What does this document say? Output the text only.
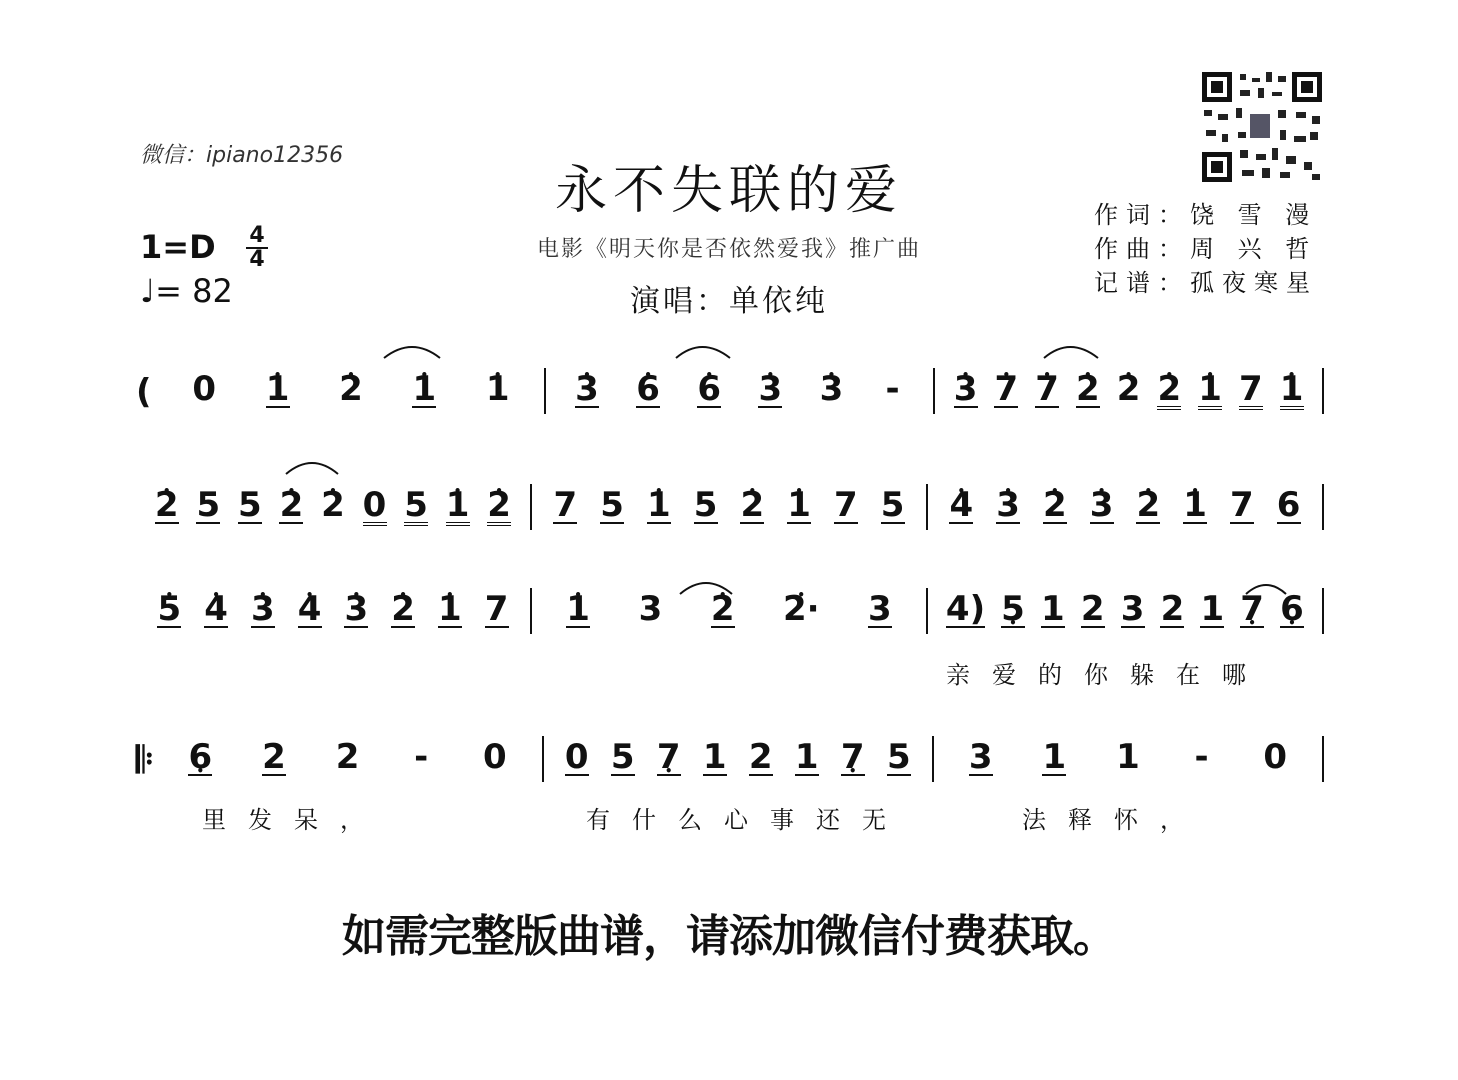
微信：ipiano12356
永不失联的爱
电影《明天你是否依然爱我》推广曲
演唱：单依纯
作词：饶 雪 漫
作曲：周 兴 哲
记谱：孤夜寒星
1=D 4
4
♩= 82
( 0 • 1 • 2 • 1 • 1 • 3 • 6 • 6 • 3 • 3 - • 3 • 7 • 7 • 2 • 2 • 2 • 1 7 • 1
• 2 5 5 • 2 • 2 0 5 • 1 • 2 7 5 • 1 5 • 2 • 1 7 5 • 4 • 3 • 2 • 3 • 2 • 1 7 6
• 5 • 4 • 3 • 4 • 3 • 2 • 1 7 • 1 3 • 2 • 2· 3 4) 5 • 1 2 3 2 1 7 • 6 •
𝄆 6 • 2 2 - 0 0 5 7 • 1 2 1 7 • 5 3 1 1 - 0
亲爱的你躲在哪
里发呆，	有什么心事还无	法释怀，
如需完整版曲谱，请添加微信付费获取。
